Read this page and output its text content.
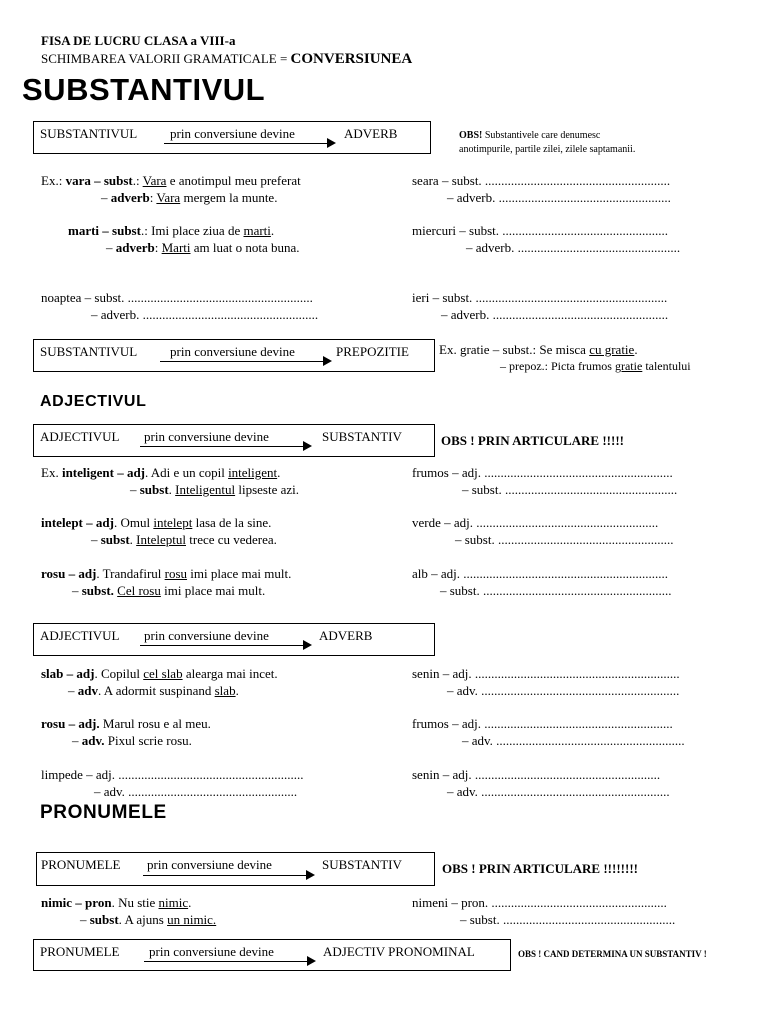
FISA DE LUCRU CLASA a VIII-a
SCHIMBAREA VALORII GRAMATICALE = CONVERSIUNEA
SUBSTANTIVUL
SUBSTANTIVUL	prin conversiune devine	ADVERB	OBS! Substantivele care denumesc
anotimpurile, partile zilei, zilele saptamanii.
Ex.: vara – subst.: Vara e anotimpul meu preferat
– adverb: Vara mergem la munte.
marti – subst.: Imi place ziua de marti.
– adverb: Marti am luat o nota buna.
seara – subst. .........................................................
– adverb. .....................................................
miercuri – subst. ...................................................
– adverb. ..................................................
noaptea – subst. .........................................................
– adverb. ......................................................
ieri – subst. ...........................................................
– adverb. ......................................................
SUBSTANTIVUL	prin conversiune devine	PREPOZITIE Ex. gratie – subst.: Se misca cu gratie.
– prepoz.: Picta frumos gratie talentului
ADJECTIVUL
ADJECTIVUL prin conversiune devine	SUBSTANTIV	OBS ! PRIN ARTICULARE !!!!!
Ex. inteligent – adj. Adi e un copil inteligent.
– subst. Inteligentul lipseste azi.
intelept – adj. Omul intelept lasa de la sine.
– subst. Inteleptul trece cu vederea.
rosu – adj. Trandafirul rosu imi place mai mult.
– subst. Cel rosu imi place mai mult.
frumos – adj. ..........................................................
– subst. .....................................................
verde – adj. ........................................................
– subst. ......................................................
alb – adj. ...............................................................
– subst. ..........................................................
ADJECTIVUL prin conversiune devine	ADVERB
slab – adj. Copilul cel slab alearga mai incet.
– adv. A adormit suspinand slab.
rosu – adj. Marul rosu e al meu.
– adv. Pixul scrie rosu.
limpede – adj. .........................................................
– adv. ....................................................
senin – adj. ...............................................................
– adv. .............................................................
frumos – adj. ..........................................................
– adv. ..........................................................
senin – adj. .........................................................
– adv. ..........................................................
PRONUMELE
PRONUMELE prin conversiune devine	SUBSTANTIV	OBS ! PRIN ARTICULARE !!!!!!!!
nimic – pron. Nu stie nimic.
– subst. A ajuns un nimic.
nimeni – pron. ......................................................
– subst. .....................................................
PRONUMELE prin conversiune devine	ADJECTIV PRONOMINAL	OBS ! CAND DETERMINA UN SUBSTANTIV !
